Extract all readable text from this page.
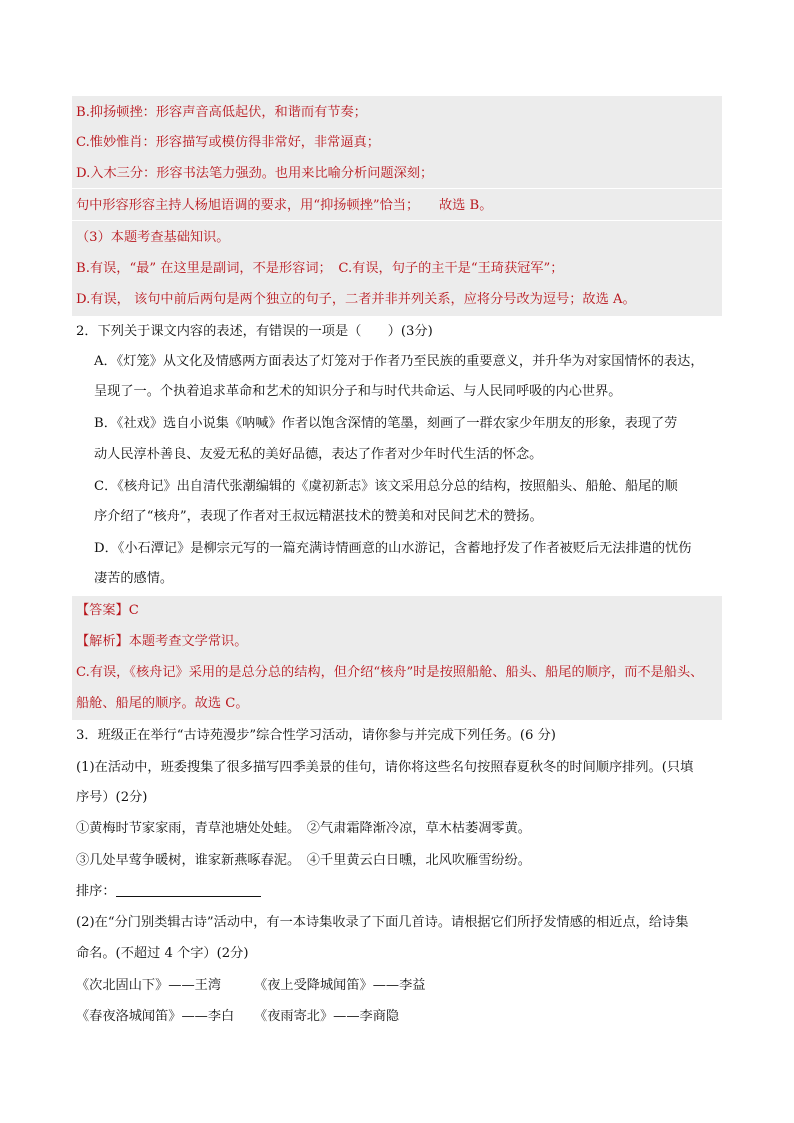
B.抑扬顿挫：形容声音高低起伏，和谐而有节奏；
C.惟妙惟肖：形容描写或模仿得非常好，非常逼真；
D.入木三分：形容书法笔力强劲。也用来比喻分析问题深刻；
句中形容形容主持人杨旭语调的要求，用“抑扬顿挫”恰当；　　故选 B。
（3）本题考查基础知识。
B.有误，“最” 在这里是副词，不是形容词；　C.有误，句子的主干是“王琦获冠军”；
D.有误， 该句中前后两句是两个独立的句子，二者并非并列关系，应将分号改为逗号；故选 A。
2．下列关于课文内容的表述，有错误的一项是（　　）(3分)
A．《灯笼》从文化及情感两方面表达了灯笼对于作者乃至民族的重要意义，并升华为对家国情怀的表达，
呈现了一。个执着追求革命和艺术的知识分子和与时代共命运、与人民同呼吸的内心世界。
B．《社戏》选自小说集《呐喊》作者以饱含深情的笔墨，刻画了一群农家少年朋友的形象，表现了劳
动人民淳朴善良、友爱无私的美好品德，表达了作者对少年时代生活的怀念。
C．《核舟记》出自清代张潮编辑的《虞初新志》该文采用总分总的结构，按照船头、船舱、船尾的顺
序介绍了“核舟”，表现了作者对王叔远精湛技术的赞美和对民间艺术的赞扬。
D．《小石潭记》是柳宗元写的一篇充满诗情画意的山水游记，含蓄地抒发了作者被贬后无法排遣的忧伤
凄苦的感情。
【答案】C
【解析】本题考查文学常识。
C.有误，《核舟记》采用的是总分总的结构，但介绍“核舟”时是按照船舱、船头、船尾的顺序，而不是船头、
船舱、船尾的顺序。故选 C。
3．班级正在举行“古诗苑漫步”综合性学习活动，请你参与并完成下列任务。(6 分)
(1)在活动中，班委搜集了很多描写四季美景的佳句，请你将这些名句按照春夏秋冬的时间顺序排列。(只填
序号）(2分)
①黄梅时节家家雨，青草池塘处处蛙。　②气肃霜降渐冷凉，草木枯萎凋零黄。
③几处早莺争暖树，谁家新燕啄春泥。　④千里黄云白日曛，北风吹雁雪纷纷。
排序：
(2)在“分门别类辑古诗”活动中，有一本诗集收录了下面几首诗。请根据它们所抒发情感的相近点，给诗集
命名。(不超过 4 个字）(2分)
《次北固山下》——王湾　　　《夜上受降城闻笛》——李益
《春夜洛城闻笛》——李白　　《夜雨寄北》——李商隐
